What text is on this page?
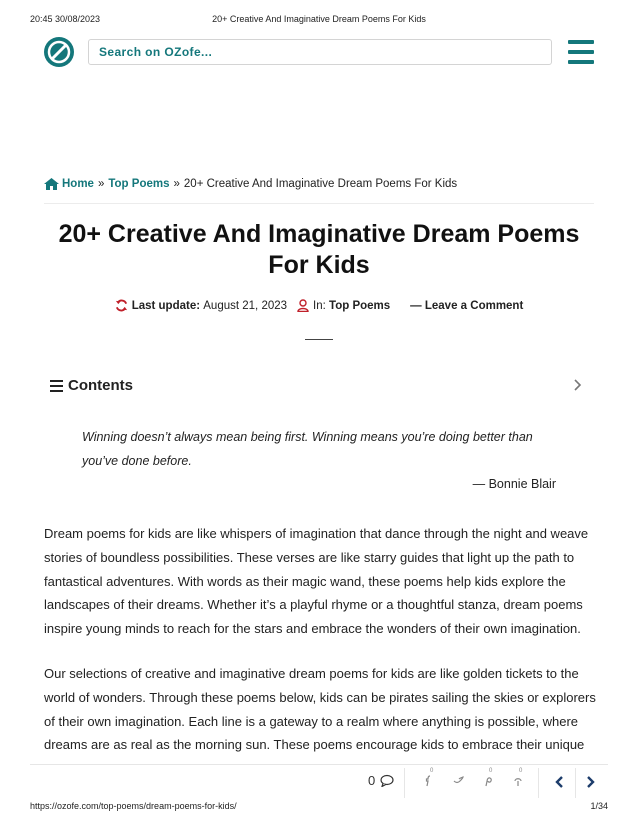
20:45 30/08/2023	20+ Creative And Imaginative Dream Poems For Kids
Search on OZofe...
Home » Top Poems » 20+ Creative And Imaginative Dream Poems For Kids
20+ Creative And Imaginative Dream Poems
For Kids
Last update:
August 21, 2023 In:
Top Poems — Leave a Comment
Contents
Winning doesn’t always mean being first. Winning means you’re doing better than you’ve done before.
— Bonnie Blair

Dream poems for kids are like whispers of imagination that dance through the night and weave stories of boundless possibilities. These verses are like starry guides that light up the path to fantastical adventures. With words as their magic wand, these poems help kids explore the landscapes of their dreams. Whether it’s a playful rhyme or a thoughtful stanza, dream poems inspire young minds to reach for the stars and embrace the wonders of their own imagination.

Our selections of creative and imaginative dream poems for kids are like golden tickets to the world of wonders. Through these poems below, kids can be pirates sailing the skies or explorers of their own imagination. Each line is a gateway to a realm where anything is possible, where dreams are as real as the morning sun. These poems encourage kids to embrace their unique

0
0	0	0
https://ozofe.com/top-poems/dream-poems-for-kids/	1/34
